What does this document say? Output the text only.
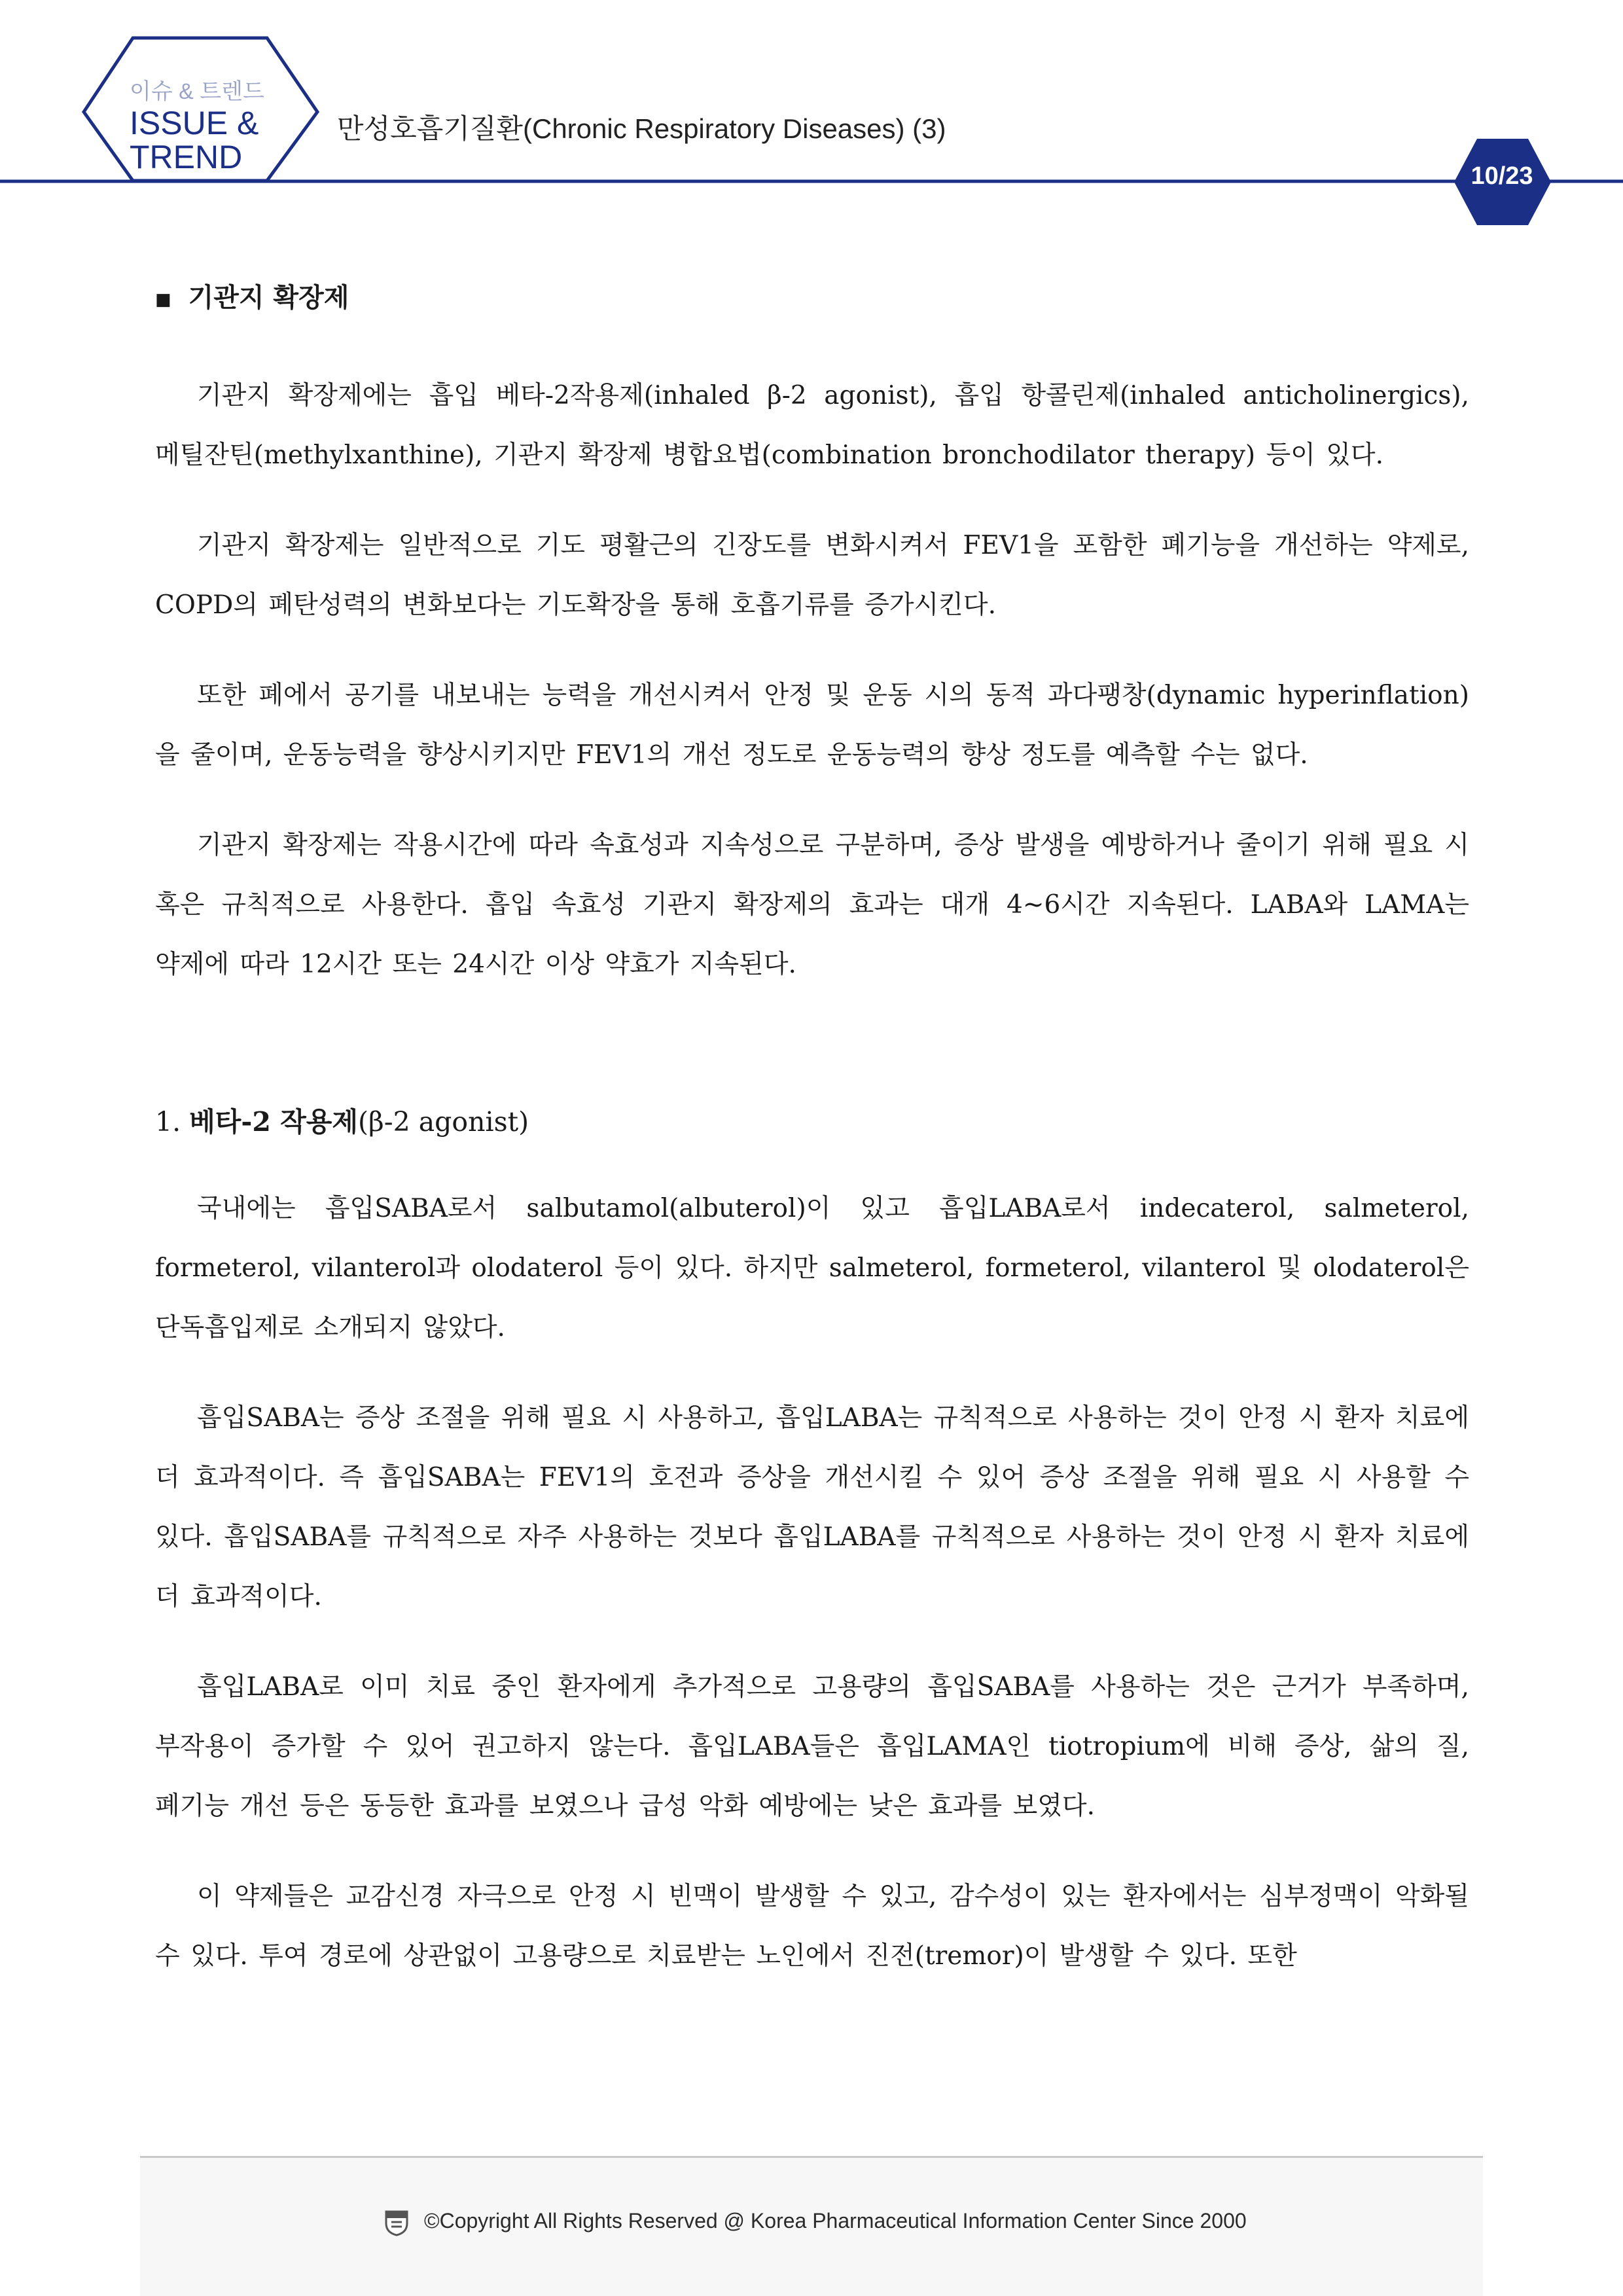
이슈 & 트렌드
ISSUE &
TREND
만성호흡기질환(Chronic Respiratory Diseases) (3)
10/23
■ 기관지 확장제

기관지 확장제에는 흡입 베타-2작용제(inhaled β-2 agonist), 흡입 항콜린제(inhaled anticholinergics), 메틸잔틴(methylxanthine), 기관지 확장제 병합요법(combination bronchodilator therapy) 등이 있다.

기관지 확장제는 일반적으로 기도 평활근의 긴장도를 변화시켜서 FEV1을 포함한 폐기능을 개선하는 약제로, COPD의 폐탄성력의 변화보다는 기도확장을 통해 호흡기류를 증가시킨다.

또한 폐에서 공기를 내보내는 능력을 개선시켜서 안정 및 운동 시의 동적 과다팽창(dynamic hyperinflation)을 줄이며, 운동능력을 향상시키지만 FEV1의 개선 정도로 운동능력의 향상 정도를 예측할 수는 없다.

기관지 확장제는 작용시간에 따라 속효성과 지속성으로 구분하며, 증상 발생을 예방하거나 줄이기 위해 필요 시 혹은 규칙적으로 사용한다. 흡입 속효성 기관지 확장제의 효과는 대개 4~6시간 지속된다. LABA와 LAMA는 약제에 따라 12시간 또는 24시간 이상 약효가 지속된다.

1. 베타-2 작용제(β-2 agonist)

국내에는 흡입SABA로서 salbutamol(albuterol)이 있고 흡입LABA로서 indecaterol, salmeterol, formeterol, vilanterol과 olodaterol 등이 있다. 하지만 salmeterol, formeterol, vilanterol 및 olodaterol은 단독흡입제로 소개되지 않았다.

흡입SABA는 증상 조절을 위해 필요 시 사용하고, 흡입LABA는 규칙적으로 사용하는 것이 안정 시 환자 치료에 더 효과적이다. 즉 흡입SABA는 FEV1의 호전과 증상을 개선시킬 수 있어 증상 조절을 위해 필요 시 사용할 수 있다. 흡입SABA를 규칙적으로 자주 사용하는 것보다 흡입LABA를 규칙적으로 사용하는 것이 안정 시 환자 치료에 더 효과적이다.

흡입LABA로 이미 치료 중인 환자에게 추가적으로 고용량의 흡입SABA를 사용하는 것은 근거가 부족하며, 부작용이 증가할 수 있어 권고하지 않는다. 흡입LABA들은 흡입LAMA인 tiotropium에 비해 증상, 삶의 질, 폐기능 개선 등은 동등한 효과를 보였으나 급성 악화 예방에는 낮은 효과를 보였다.

이 약제들은 교감신경 자극으로 안정 시 빈맥이 발생할 수 있고, 감수성이 있는 환자에서는 심부정맥이 악화될 수 있다. 투여 경로에 상관없이 고용량으로 치료받는 노인에서 진전(tremor)이 발생할 수 있다. 또한

©Copyright All Rights Reserved @ Korea Pharmaceutical Information Center Since 2000
